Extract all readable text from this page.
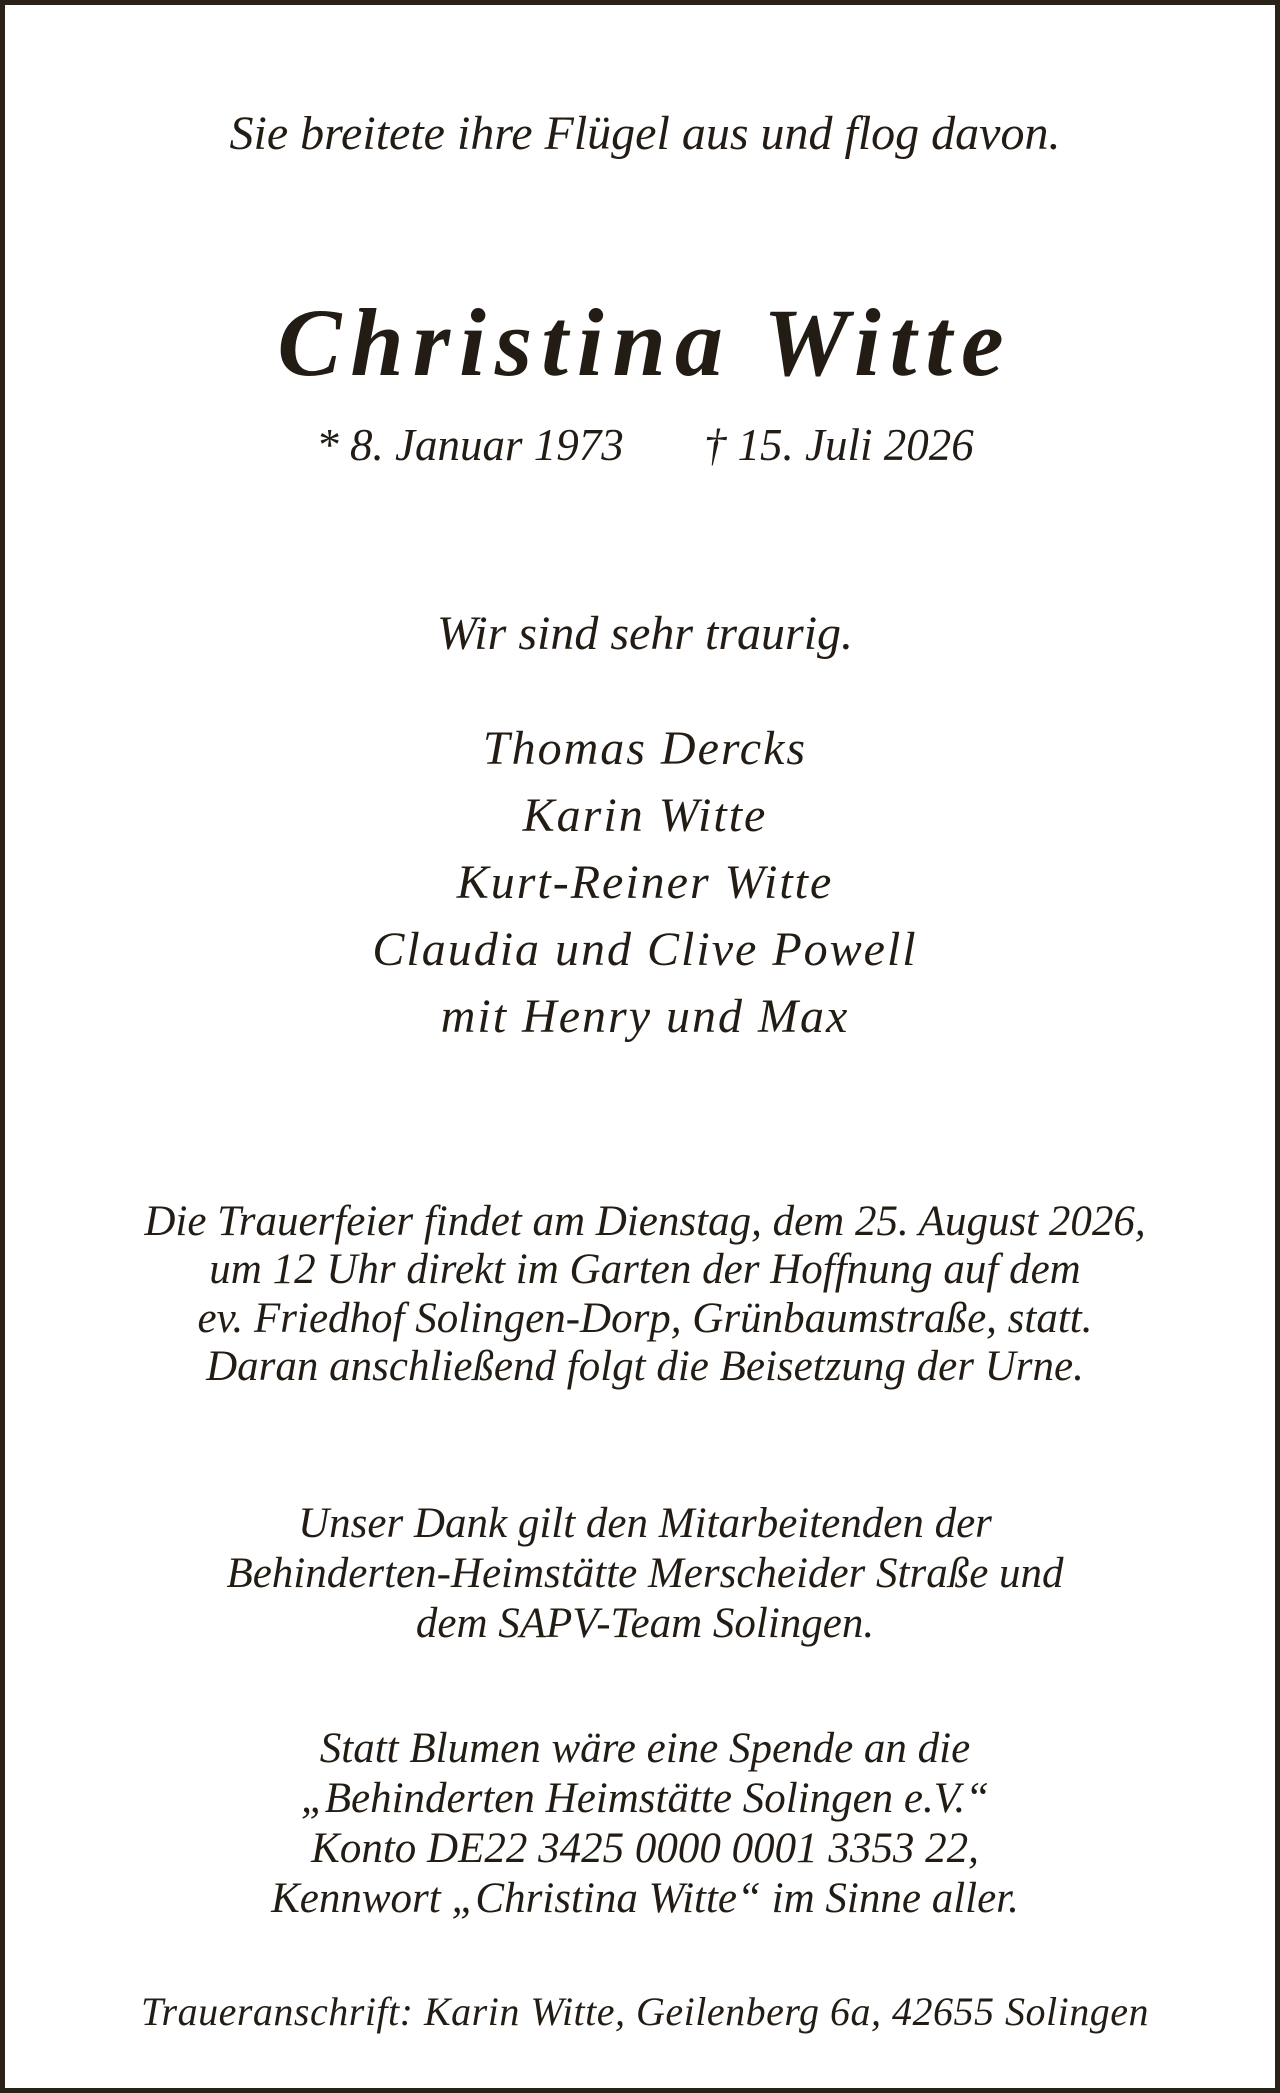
Sie breitete ihre Flügel aus und flog davon.
Christina Witte
* 8. Januar 1973 † 15. Juli 2026
Wir sind sehr traurig.
Thomas Dercks
Karin Witte
Kurt-Reiner Witte
Claudia und Clive Powell
mit Henry und Max
Die Trauerfeier findet am Dienstag, dem 25. August 2026,
um 12 Uhr direkt im Garten der Hoffnung auf dem
ev. Friedhof Solingen-Dorp, Grünbaumstraße, statt.
Daran anschließend folgt die Beisetzung der Urne.
Unser Dank gilt den Mitarbeitenden der
Behinderten-Heimstätte Merscheider Straße und
dem SAPV-Team Solingen.
Statt Blumen wäre eine Spende an die
„Behinderten Heimstätte Solingen e.V.“
Konto DE22 3425 0000 0001 3353 22,
Kennwort „Christina Witte“ im Sinne aller.
Traueranschrift: Karin Witte, Geilenberg 6a, 42655 Solingen
